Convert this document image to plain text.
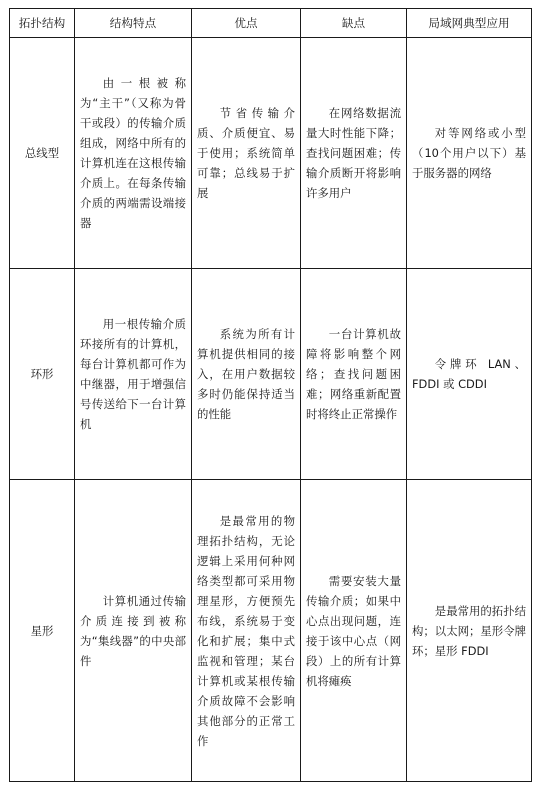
拓扑结构	结构特点	优点	缺点	局域网典型应用
总线型	由一根被称为“主干”（又称为骨干或段）的传输介质组成，网络中所有的计算机连在这根传输介质上。在每条传输介质的两端需设端接器	节省传输介质、介质便宜、易于使用；系统简单可靠；总线易于扩展	在网络数据流量大时性能下降；查找问题困难；传输介质断开将影响许多用户	对等网络或小型（10个用户以下）基于服务器的网络
环形	用一根传输介质环接所有的计算机，每台计算机都可作为中继器，用于增强信号传送给下一台计算机	系统为所有计算机提供相同的接入，在用户数据较多时仍能保持适当的性能	一台计算机故障将影响整个网络；查找问题困难；网络重新配置时将终止正常操作	令牌环 LAN、FDDI 或 CDDI
星形	计算机通过传输介质连接到被称为“集线器”的中央部件	是最常用的物理拓扑结构，无论逻辑上采用何种网络类型都可采用物理星形，方便预先布线，系统易于变化和扩展；集中式监视和管理；某台计算机或某根传输介质故障不会影响其他部分的正常工作	需要安装大量传输介质；如果中心点出现问题，连接于该中心点（网段）上的所有计算机将瘫痪	是最常用的拓扑结构；以太网；星形令牌环；星形 FDDI
